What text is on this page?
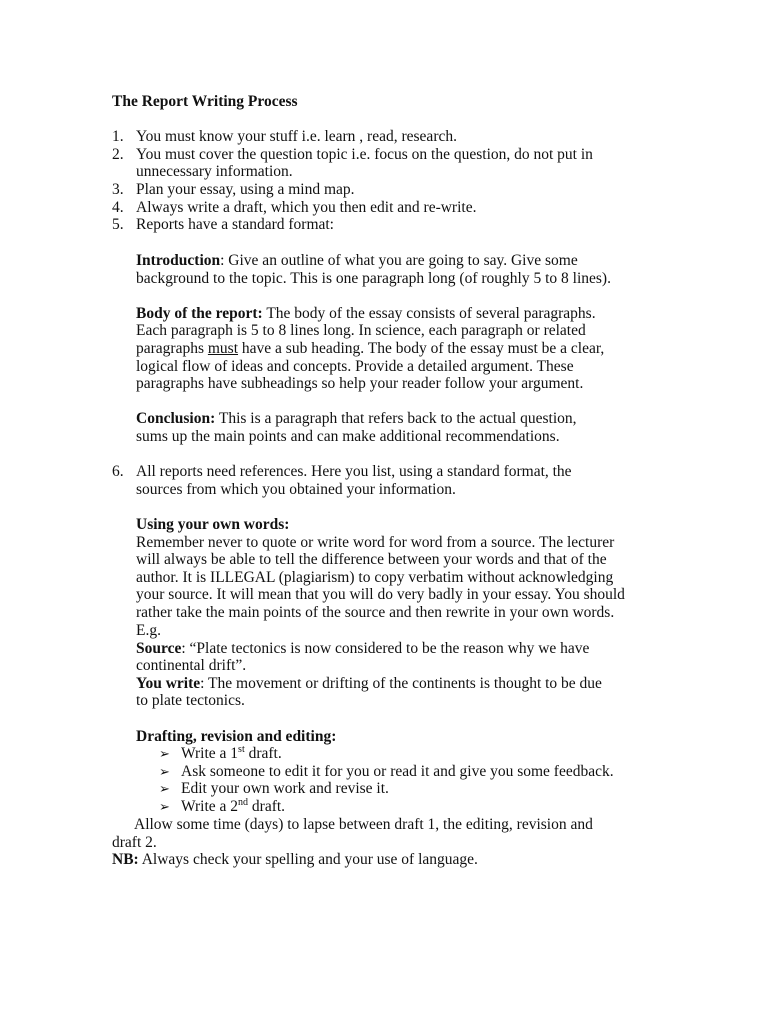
The Report Writing Process
1. You must know your stuff i.e. learn , read, research.
2. You must cover the question topic i.e. focus on the question, do not put in
unnecessary information.
3. Plan your essay, using a mind map.
4. Always write a draft, which you then edit and re-write.
5. Reports have a standard format:
Introduction: Give an outline of what you are going to say. Give some
background to the topic. This is one paragraph long (of roughly 5 to 8 lines).
Body of the report: The body of the essay consists of several paragraphs.
Each paragraph is 5 to 8 lines long. In science, each paragraph or related
paragraphs must have a sub heading. The body of the essay must be a clear,
logical flow of ideas and concepts. Provide a detailed argument. These
paragraphs have subheadings so help your reader follow your argument.
Conclusion: This is a paragraph that refers back to the actual question,
sums up the main points and can make additional recommendations.
6. All reports need references. Here you list, using a standard format, the
sources from which you obtained your information.
Using your own words:
Remember never to quote or write word for word from a source. The lecturer
will always be able to tell the difference between your words and that of the
author. It is ILLEGAL (plagiarism) to copy verbatim without acknowledging
your source. It will mean that you will do very badly in your essay. You should
rather take the main points of the source and then rewrite in your own words.
E.g.
Source: “Plate tectonics is now considered to be the reason why we have
continental drift”.
You write: The movement or drifting of the continents is thought to be due
to plate tectonics.
Drafting, revision and editing:
➢ Write a 1st draft.
➢ Ask someone to edit it for you or read it and give you some feedback.
➢ Edit your own work and revise it.
➢ Write a 2nd draft.
Allow some time (days) to lapse between draft 1, the editing, revision and
draft 2.
NB: Always check your spelling and your use of language.
